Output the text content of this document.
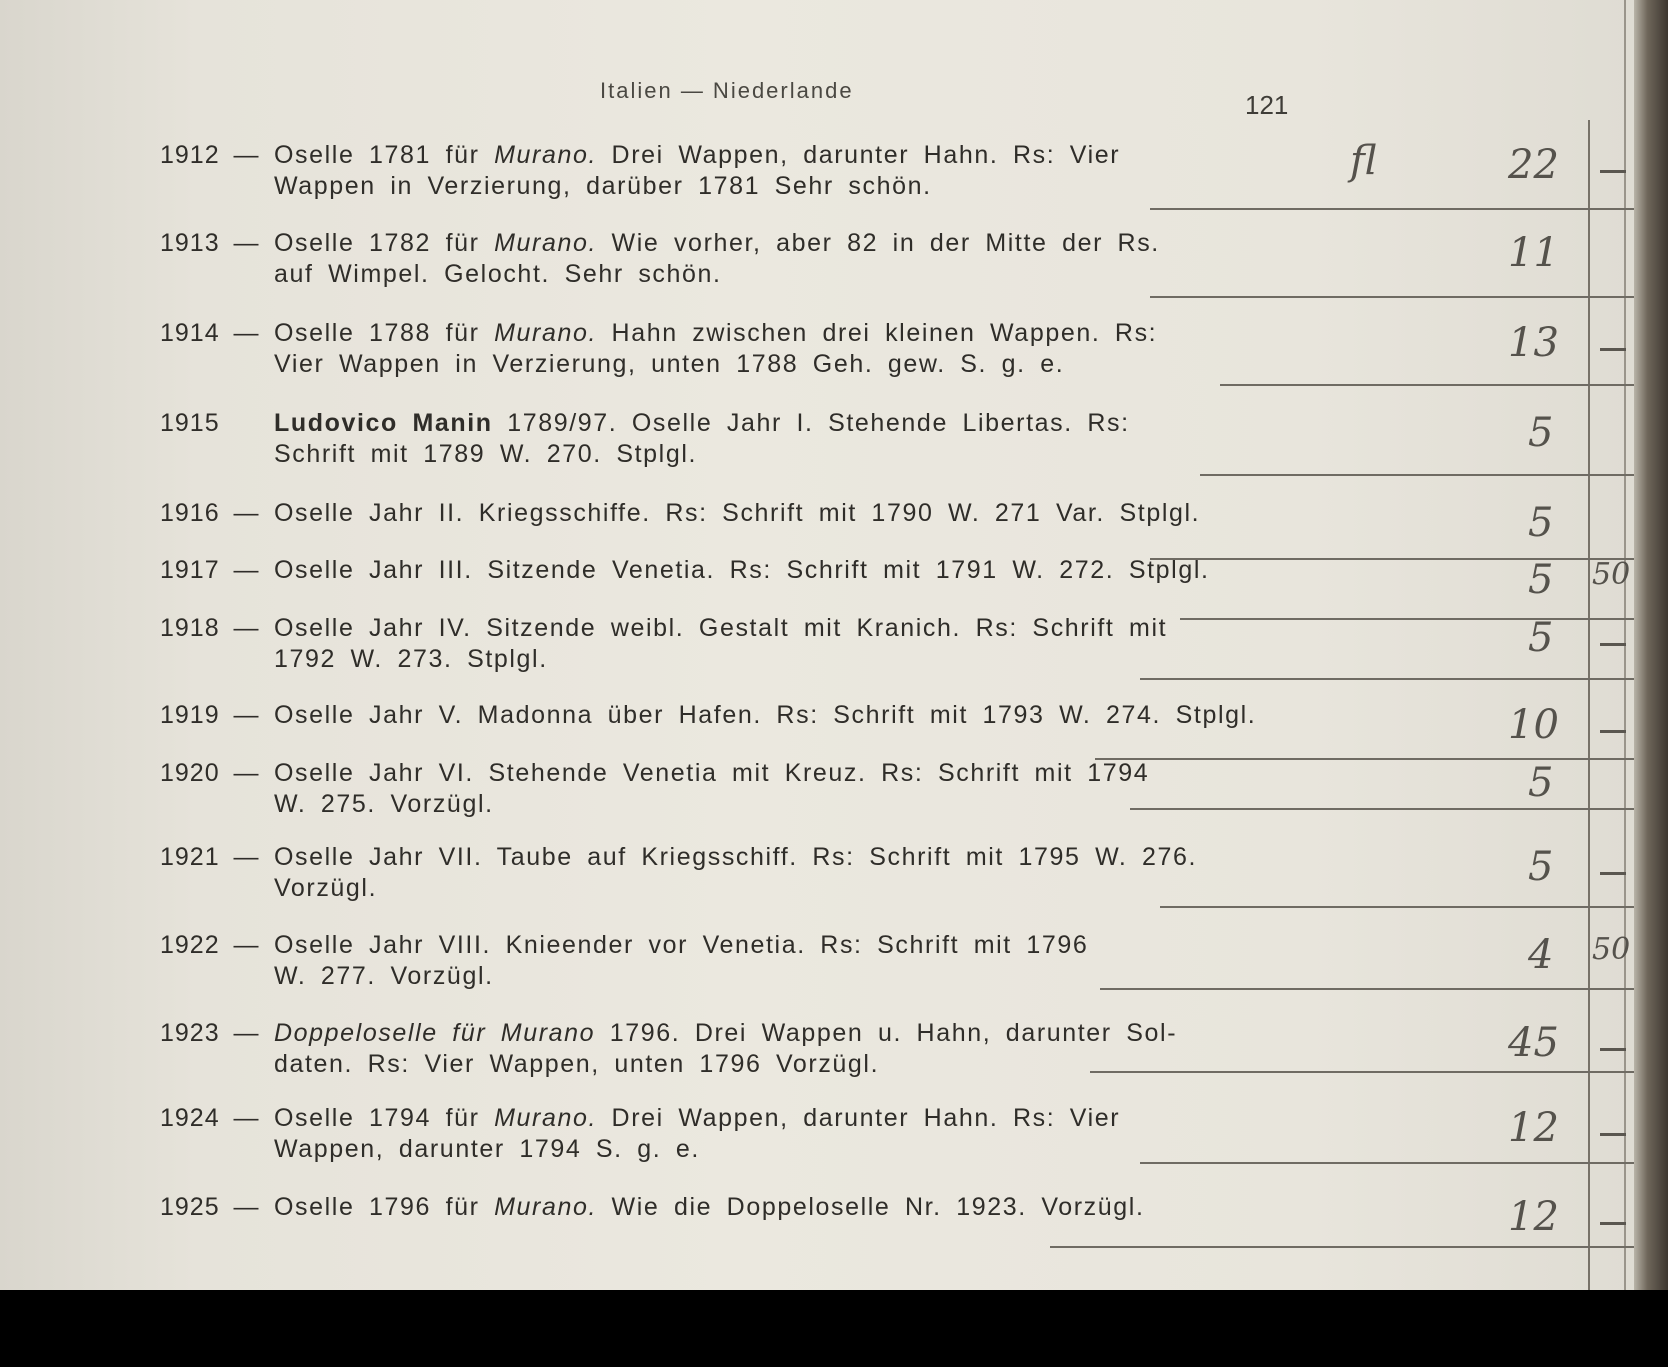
Italien — Niederlande	121
1912 — Oselle 1781 für Murano. Drei Wappen, darunter Hahn. Rs: Vier
Wappen in Verzierung, darüber 1781 Sehr schön.	22
fl
1913 — Oselle 1782 für Murano. Wie vorher, aber 82 in der Mitte der Rs.
auf Wimpel. Gelocht. Sehr schön.	11
1914 — Oselle 1788 für Murano. Hahn zwischen drei kleinen Wappen. Rs:
Vier Wappen in Verzierung, unten 1788 Geh. gew. S. g. e.	13
1915 Ludovico Manin 1789/97. Oselle Jahr I. Stehende Libertas. Rs:
Schrift mit 1789 W. 270. Stplgl.	5
1916 — Oselle Jahr II. Kriegsschiffe. Rs: Schrift mit 1790 W. 271 Var. Stplgl.	5
1917 — Oselle Jahr III. Sitzende Venetia. Rs: Schrift mit 1791 W. 272. Stplgl.	5 50
1918 — Oselle Jahr IV. Sitzende weibl. Gestalt mit Kranich. Rs: Schrift mit
1792 W. 273. Stplgl.	5
1919 — Oselle Jahr V. Madonna über Hafen. Rs: Schrift mit 1793 W. 274. Stplgl.	10
1920 — Oselle Jahr VI. Stehende Venetia mit Kreuz. Rs: Schrift mit 1794
W. 275. Vorzügl.	5
1921 — Oselle Jahr VII. Taube auf Kriegsschiff. Rs: Schrift mit 1795 W. 276.
Vorzügl.	5
1922 — Oselle Jahr VIII. Knieender vor Venetia. Rs: Schrift mit 1796
W. 277. Vorzügl.	4 50
1923 — Doppeloselle für Murano 1796. Drei Wappen u. Hahn, darunter Sol-
daten. Rs: Vier Wappen, unten 1796 Vorzügl.	45
1924 — Oselle 1794 für Murano. Drei Wappen, darunter Hahn. Rs: Vier
Wappen, darunter 1794 S. g. e.	12
1925 — Oselle 1796 für Murano. Wie die Doppeloselle Nr. 1923. Vorzügl.	12
